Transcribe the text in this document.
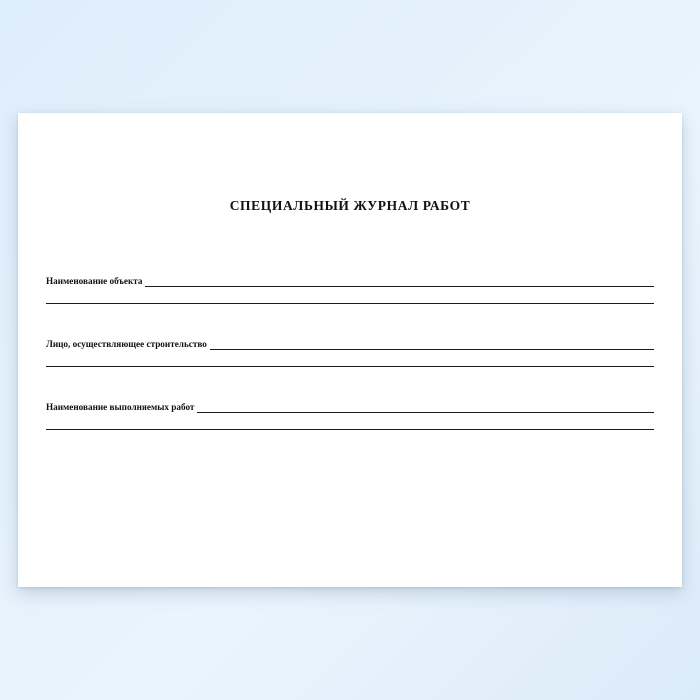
СПЕЦИАЛЬНЫЙ ЖУРНАЛ РАБОТ
Наименование объекта
Лицо, осуществляющее строительство
Наименование выполняемых работ
